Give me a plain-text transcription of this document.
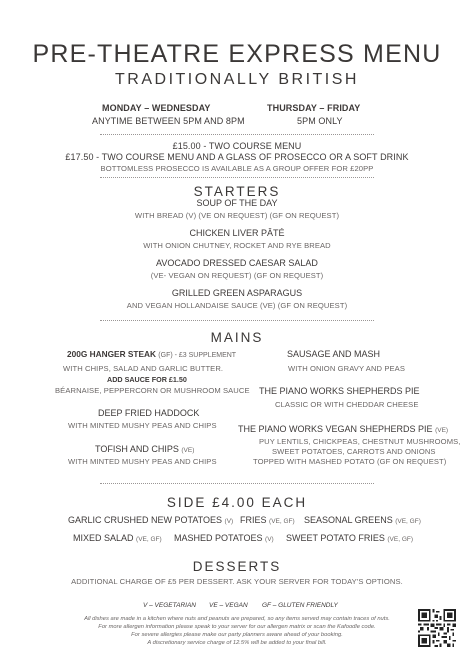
PRE-THEATRE EXPRESS MENU
TRADITIONALLY BRITISH
MONDAY – WEDNESDAY
ANYTIME BETWEEN 5PM AND 8PM
THURSDAY – FRIDAY
5PM ONLY
£15.00 - TWO COURSE MENU
£17.50 - TWO COURSE MENU AND A GLASS OF PROSECCO OR A SOFT DRINK
BOTTOMLESS PROSECCO IS AVAILABLE AS A GROUP OFFER FOR £20PP
STARTERS
SOUP OF THE DAY
WITH BREAD (V) (VE ON REQUEST) (GF ON REQUEST)
CHICKEN LIVER PÂTÉ
WITH ONION CHUTNEY, ROCKET AND RYE BREAD
AVOCADO DRESSED CAESAR SALAD
(VE- VEGAN ON REQUEST) (GF ON REQUEST)
GRILLED GREEN ASPARAGUS
AND VEGAN HOLLANDAISE SAUCE (VE) (GF ON REQUEST)
MAINS
200G HANGER STEAK (GF) - £3 SUPPLEMENT
WITH CHIPS, SALAD AND GARLIC BUTTER.
ADD SAUCE FOR £1.50
BÉARNAISE, PEPPERCORN OR MUSHROOM SAUCE
DEEP FRIED HADDOCK
WITH MINTED MUSHY PEAS AND CHIPS
TOFISH AND CHIPS (VE)
WITH MINTED MUSHY PEAS AND CHIPS
SAUSAGE AND MASH
WITH ONION GRAVY AND PEAS
THE PIANO WORKS SHEPHERDS PIE
CLASSIC OR WITH CHEDDAR CHEESE
THE PIANO WORKS VEGAN SHEPHERDS PIE (VE)
PUY LENTILS, CHICKPEAS, CHESTNUT MUSHROOMS,
SWEET POTATOES, CARROTS AND ONIONS
TOPPED WITH MASHED POTATO (GF ON REQUEST)
SIDE £4.00 EACH
GARLIC CRUSHED NEW POTATOES (V) FRIES (VE, GF) SEASONAL GREENS (VE, GF)
MIXED SALAD (VE, GF) MASHED POTATOES (V) SWEET POTATO FRIES (VE, GF)
DESSERTS
ADDITIONAL CHARGE OF £5 PER DESSERT. ASK YOUR SERVER FOR TODAY'S OPTIONS.
V – VEGETARIAN VE – VEGAN GF – GLUTEN FRIENDLY
All dishes are made in a kitchen where nuts and peanuts are prepared, so any items served may contain traces of nuts.
For more allergen information please speak to your server for our allergen matrix or scan the Kafoodle code.
For severe allergies please make our party planners aware ahead of your booking.
A discretionary service charge of 12.5% will be added to your final bill.
